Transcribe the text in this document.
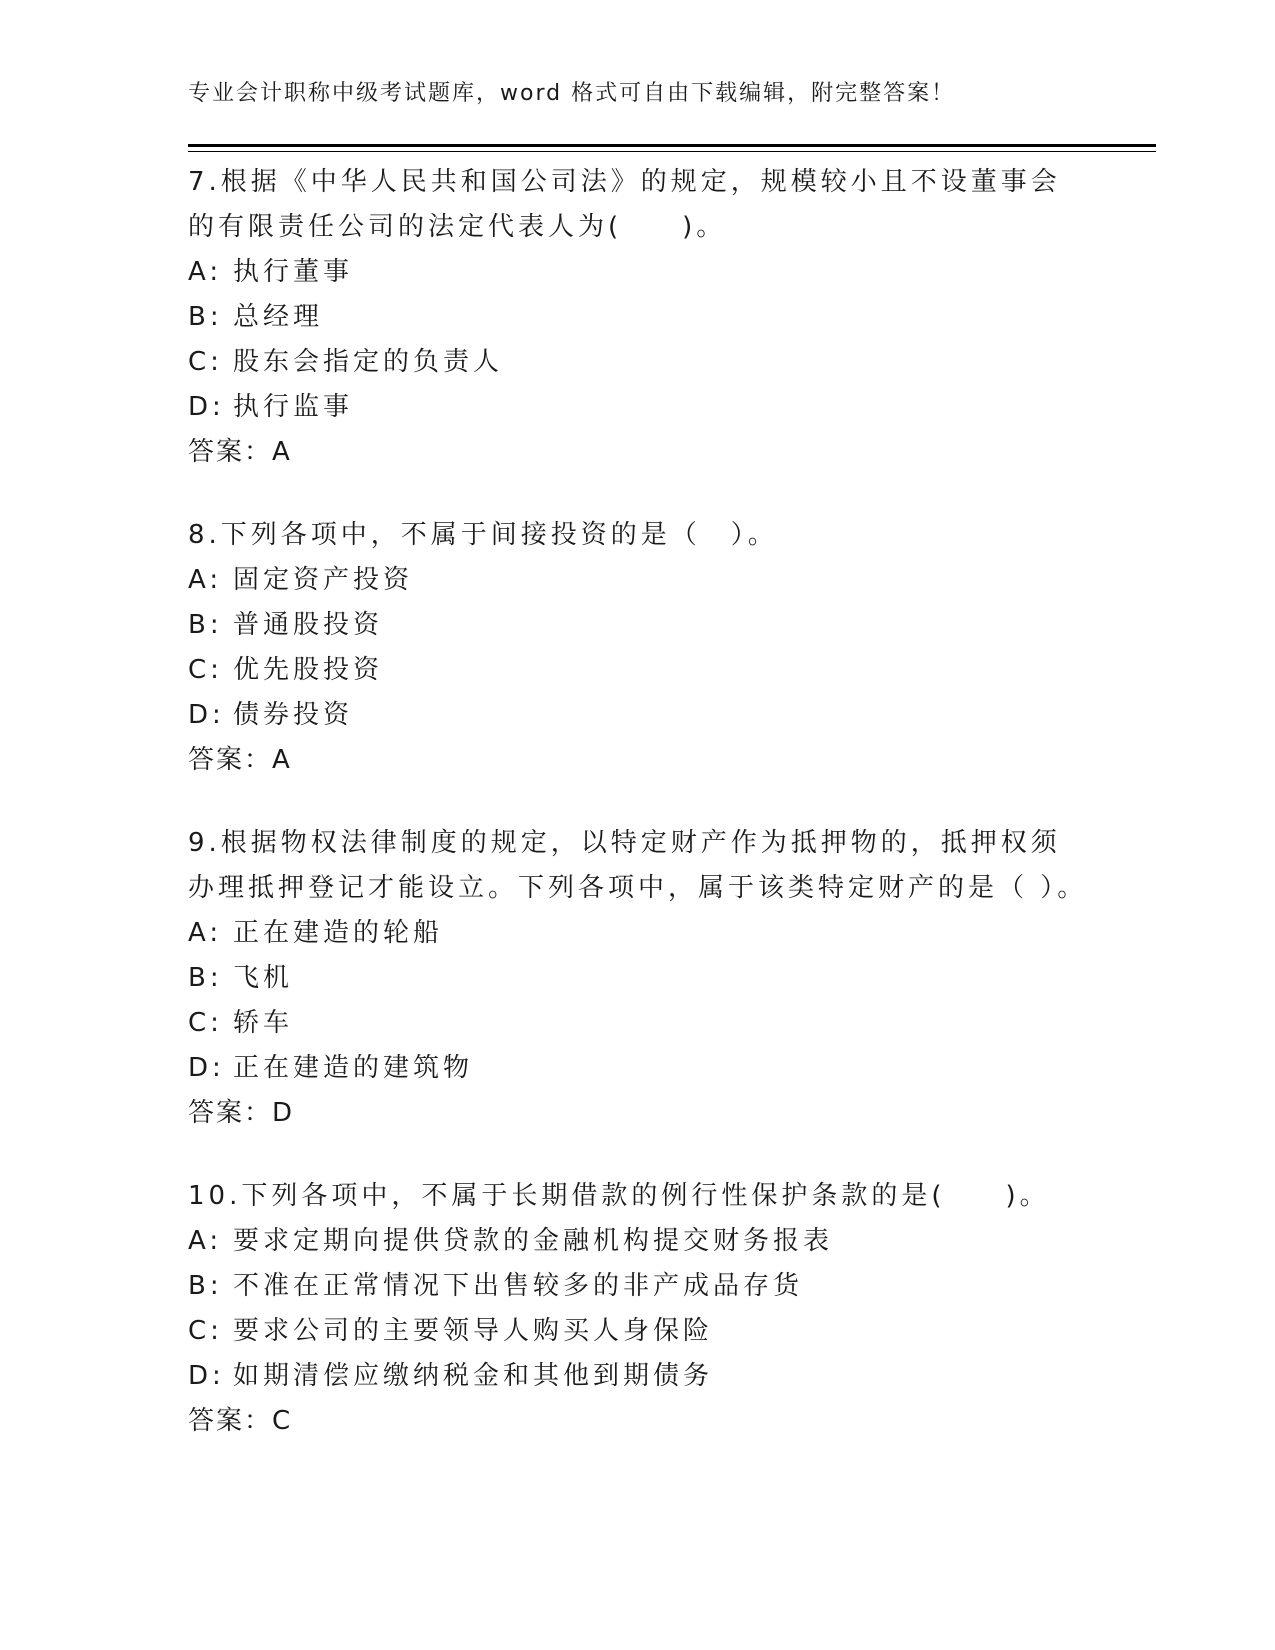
专业会计职称中级考试题库，word 格式可自由下载编辑，附完整答案！

7.根据《中华人民共和国公司法》的规定，规模较小且不设董事会的有限责任公司的法定代表人为(　　)。

A: 执行董事
B: 总经理
C: 股东会指定的负责人
D: 执行监事
答案：A

8.下列各项中，不属于间接投资的是（　）。

A: 固定资产投资
B: 普通股投资
C: 优先股投资
D: 债券投资
答案：A

9.根据物权法律制度的规定，以特定财产作为抵押物的，抵押权须办理抵押登记才能设立。下列各项中，属于该类特定财产的是（ ）。

A: 正在建造的轮船
B: 飞机
C: 轿车
D: 正在建造的建筑物
答案：D

10.下列各项中，不属于长期借款的例行性保护条款的是(　　)。

A: 要求定期向提供贷款的金融机构提交财务报表
B: 不准在正常情况下出售较多的非产成品存货
C: 要求公司的主要领导人购买人身保险
D: 如期清偿应缴纳税金和其他到期债务
答案：C
